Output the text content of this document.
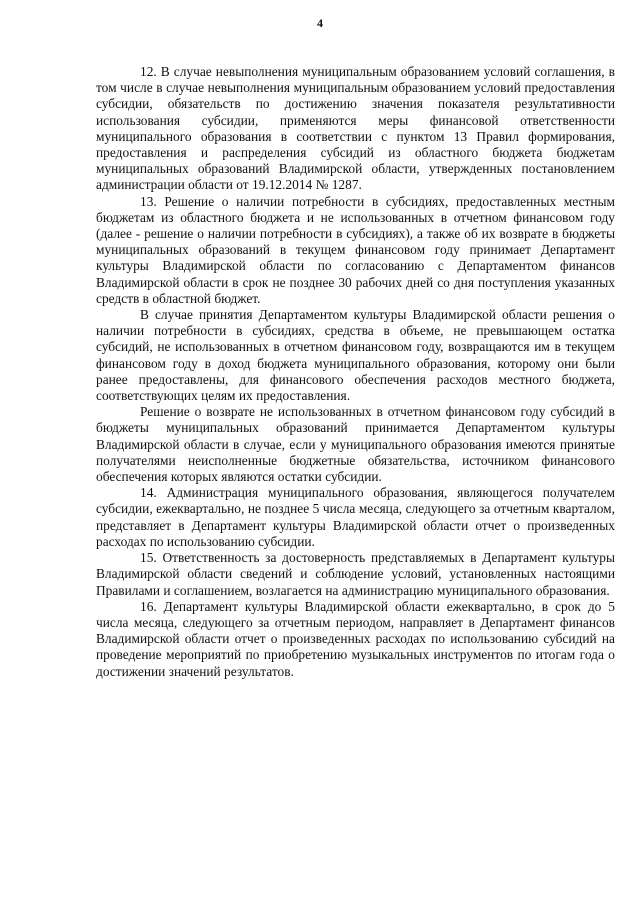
4

12. В случае невыполнения муниципальным образованием условий соглашения, в том числе в случае невыполнения муниципальным образованием условий предоставления субсидии, обязательств по достижению значения показателя результативности использования субсидии, применяются меры финансовой ответственности муниципального образования в соответствии с пунктом 13 Правил формирования, предоставления и распределения субсидий из областного бюджета бюджетам муниципальных образований Владимирской области, утвержденных постановлением администрации области от 19.12.2014 № 1287.

13. Решение о наличии потребности в субсидиях, предоставленных местным бюджетам из областного бюджета и не использованных в отчетном финансовом году (далее - решение о наличии потребности в субсидиях), а также об их возврате в бюджеты муниципальных образований в текущем финансовом году принимает Департамент культуры Владимирской области по согласованию с Департаментом финансов Владимирской области в срок не позднее 30 рабочих дней со дня поступления указанных средств в областной бюджет.

В случае принятия Департаментом культуры Владимирской области решения о наличии потребности в субсидиях, средства в объеме, не превышающем остатка субсидий, не использованных в отчетном финансовом году, возвращаются им в текущем финансовом году в доход бюджета муниципального образования, которому они были ранее предоставлены, для финансового обеспечения расходов местного бюджета, соответствующих целям их предоставления.

Решение о возврате не использованных в отчетном финансовом году субсидий в бюджеты муниципальных образований принимается Департаментом культуры Владимирской области в случае, если у муниципального образования имеются принятые получателями неисполненные бюджетные обязательства, источником финансового обеспечения которых являются остатки субсидии.

14. Администрация муниципального образования, являющегося получателем субсидии, ежеквартально, не позднее 5 числа месяца, следующего за отчетным кварталом, представляет в Департамент культуры Владимирской области отчет о произведенных расходах по использованию субсидии.

15. Ответственность за достоверность представляемых в Департамент культуры Владимирской области сведений и соблюдение условий, установленных настоящими Правилами и соглашением, возлагается на администрацию муниципального образования.

16. Департамент культуры Владимирской области ежеквартально, в срок до 5 числа месяца, следующего за отчетным периодом, направляет в Департамент финансов Владимирской области отчет о произведенных расходах по использованию субсидий на проведение мероприятий по приобретению музыкальных инструментов по итогам года о достижении значений результатов.
